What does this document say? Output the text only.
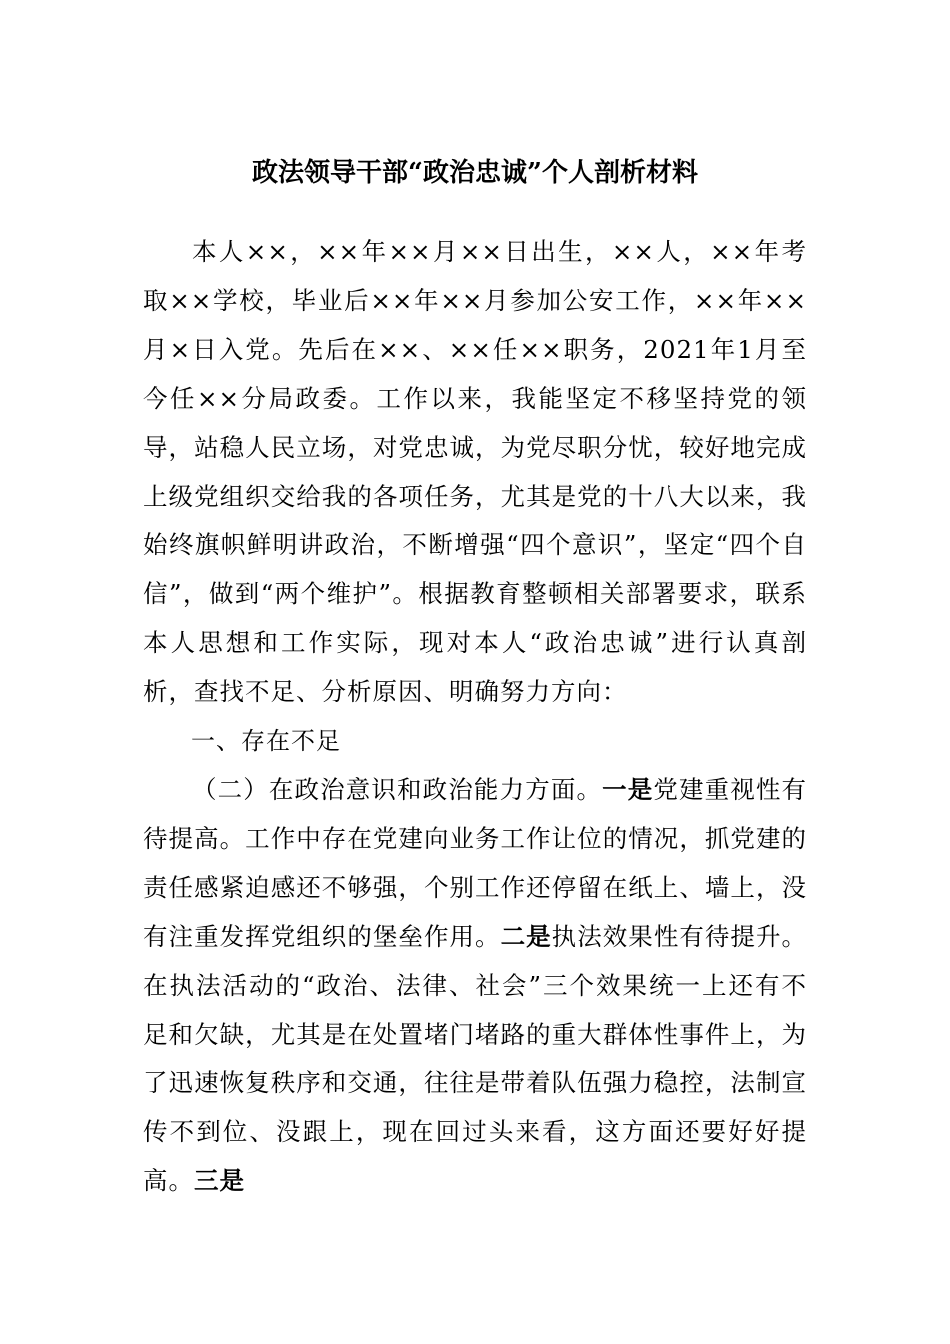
政法领导干部“政治忠诚”个人剖析材料

本人××，××年××月××日出生，××人，××年考取××学校，毕业后××年××月参加公安工作，××年××月×日入党。先后在××、××任××职务，2021年1月至今任××分局政委。工作以来，我能坚定不移坚持党的领导，站稳人民立场，对党忠诚，为党尽职分忧，较好地完成上级党组织交给我的各项任务，尤其是党的十八大以来，我始终旗帜鲜明讲政治，不断增强“四个意识”，坚定“四个自信”，做到“两个维护”。根据教育整顿相关部署要求，联系本人思想和工作实际，现对本人“政治忠诚”进行认真剖析，查找不足、分析原因、明确努力方向：

一、存在不足

（二）在政治意识和政治能力方面。一是党建重视性有待提高。工作中存在党建向业务工作让位的情况，抓党建的责任感紧迫感还不够强，个别工作还停留在纸上、墙上，没有注重发挥党组织的堡垒作用。二是执法效果性有待提升。在执法活动的“政治、法律、社会”三个效果统一上还有不足和欠缺，尤其是在处置堵门堵路的重大群体性事件上，为了迅速恢复秩序和交通，往往是带着队伍强力稳控，法制宣传不到位、没跟上，现在回过头来看，这方面还要好好提高。三是
